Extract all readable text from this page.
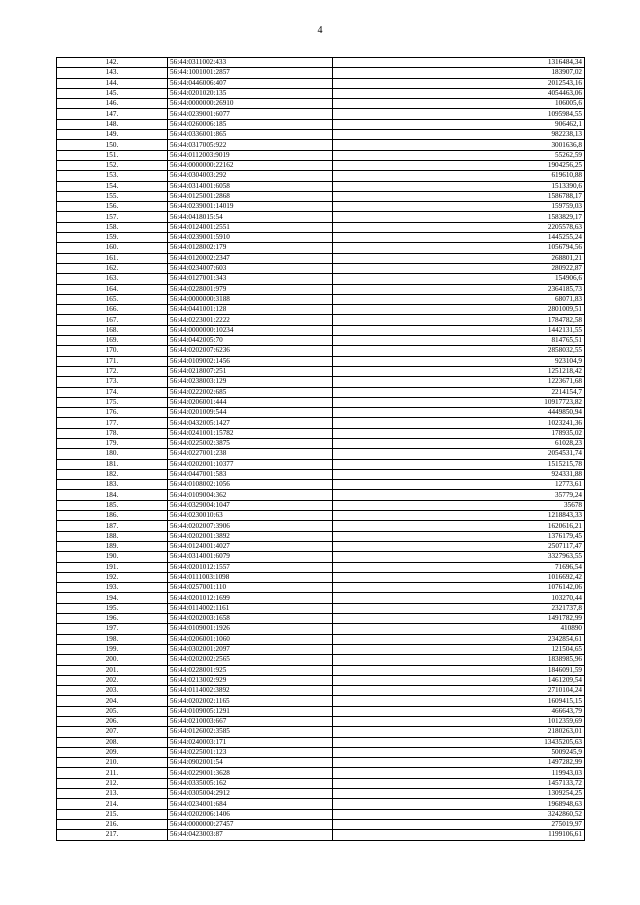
4
142.	56:44:0311002:433	1316484,34
143.	56:44:1001001:2857	183907,02
144.	56:44:0446006:407	2012543,16
145.	56:44:0201020:135	4054463,06
146.	56:44:0000000:26910	106005,6
147.	56:44:0239001:6077	1095984,55
148.	56:44:0260006:185	906462,1
149.	56:44:0336001:865	982238,13
150.	56:44:0317005:922	3001636,8
151.	56:44:0112003:9019	55262,59
152.	56:44:0000000:22162	1904256,25
153.	56:44:0304003:292	619610,88
154.	56:44:0314001:6058	1513390,6
155.	56:44:0125001:2868	1586788,17
156.	56:44:0239001:14019	159759,03
157.	56:44:0418015:54	1583829,17
158.	56:44:0124001:2551	2205578,63
159.	56:44:0239001:5910	1445255,24
160.	56:44:0128002:179	1056794,56
161.	56:44:0120002:2347	268801,21
162.	56:44:0234007:603	280922,87
163.	56:44:0127001:343	154906,6
164.	56:44:0228001:979	2364185,73
165.	56:44:0000000:3188	68071,83
166.	56:44:0441001:128	2801009,51
167.	56:44:0223001:2222	1784782,58
168.	56:44:0000000:10234	1442131,55
169.	56:44:0442005:70	814765,51
170.	56:44:0202007:6236	2858032,55
171.	56:44:0109002:1456	923104,9
172.	56:44:0218007:251	1251218,42
173.	56:44:0238003:129	1223671,68
174.	56:44:0222002:685	2214154,7
175.	56:44:0206001:444	10917723,82
176.	56:44:0201009:544	4449850,94
177.	56:44:0432005:1427	1023241,36
178.	56:44:0241001:15782	178935,02
179.	56:44:0225002:3875	61028,23
180.	56:44:0227001:238	2054531,74
181.	56:44:0202001:10377	1515215,78
182.	56:44:0447001:583	924331,88
183.	56:44:0108002:1056	12773,61
184.	56:44:0109004:362	35779,24
185.	56:44:0329004:1047	35678
186.	56:44:0230010:63	1218843,33
187.	56:44:0202007:3906	1620616,21
188.	56:44:0202001:3892	1376179,45
189.	56:44:0124001:4027	2507117,47
190.	56:44:0314001:6079	3327963,55
191.	56:44:0201012:1557	71696,54
192.	56:44:0111003:1098	1016692,42
193.	56:44:0257001:110	1076142,06
194.	56:44:0201012:1699	103270,44
195.	56:44:0114002:1161	2321737,8
196.	56:44:0202003:1658	1491782,99
197.	56:44:0109001:1926	410890
198.	56:44:0206001:1060	2342854,61
199.	56:44:0302001:2097	121504,65
200.	56:44:0202002:2565	1838985,96
201.	56:44:0228001:925	1846091,59
202.	56:44:0213002:929	1461209,54
203.	56:44:0114002:3892	2710104,24
204.	56:44:0202002:1165	1609415,15
205.	56:44:0109005:1291	466643,79
206.	56:44:0210003:667	1012359,69
207.	56:44:0126002:3585	2180263,01
208.	56:44:0240003:171	13435205,63
209.	56:44:0225001:123	5009245,9
210.	56:44:0902001:54	1497282,99
211.	56:44:0229001:3628	119943,03
212.	56:44:0335005:162	1457133,72
213.	56:44:0305004:2912	1309254,25
214.	56:44:0234001:684	1968948,63
215.	56:44:0202006:1406	3242860,52
216.	56:44:0000000:27457	275019,97
217.	56:44:0423003:87	1199106,61
